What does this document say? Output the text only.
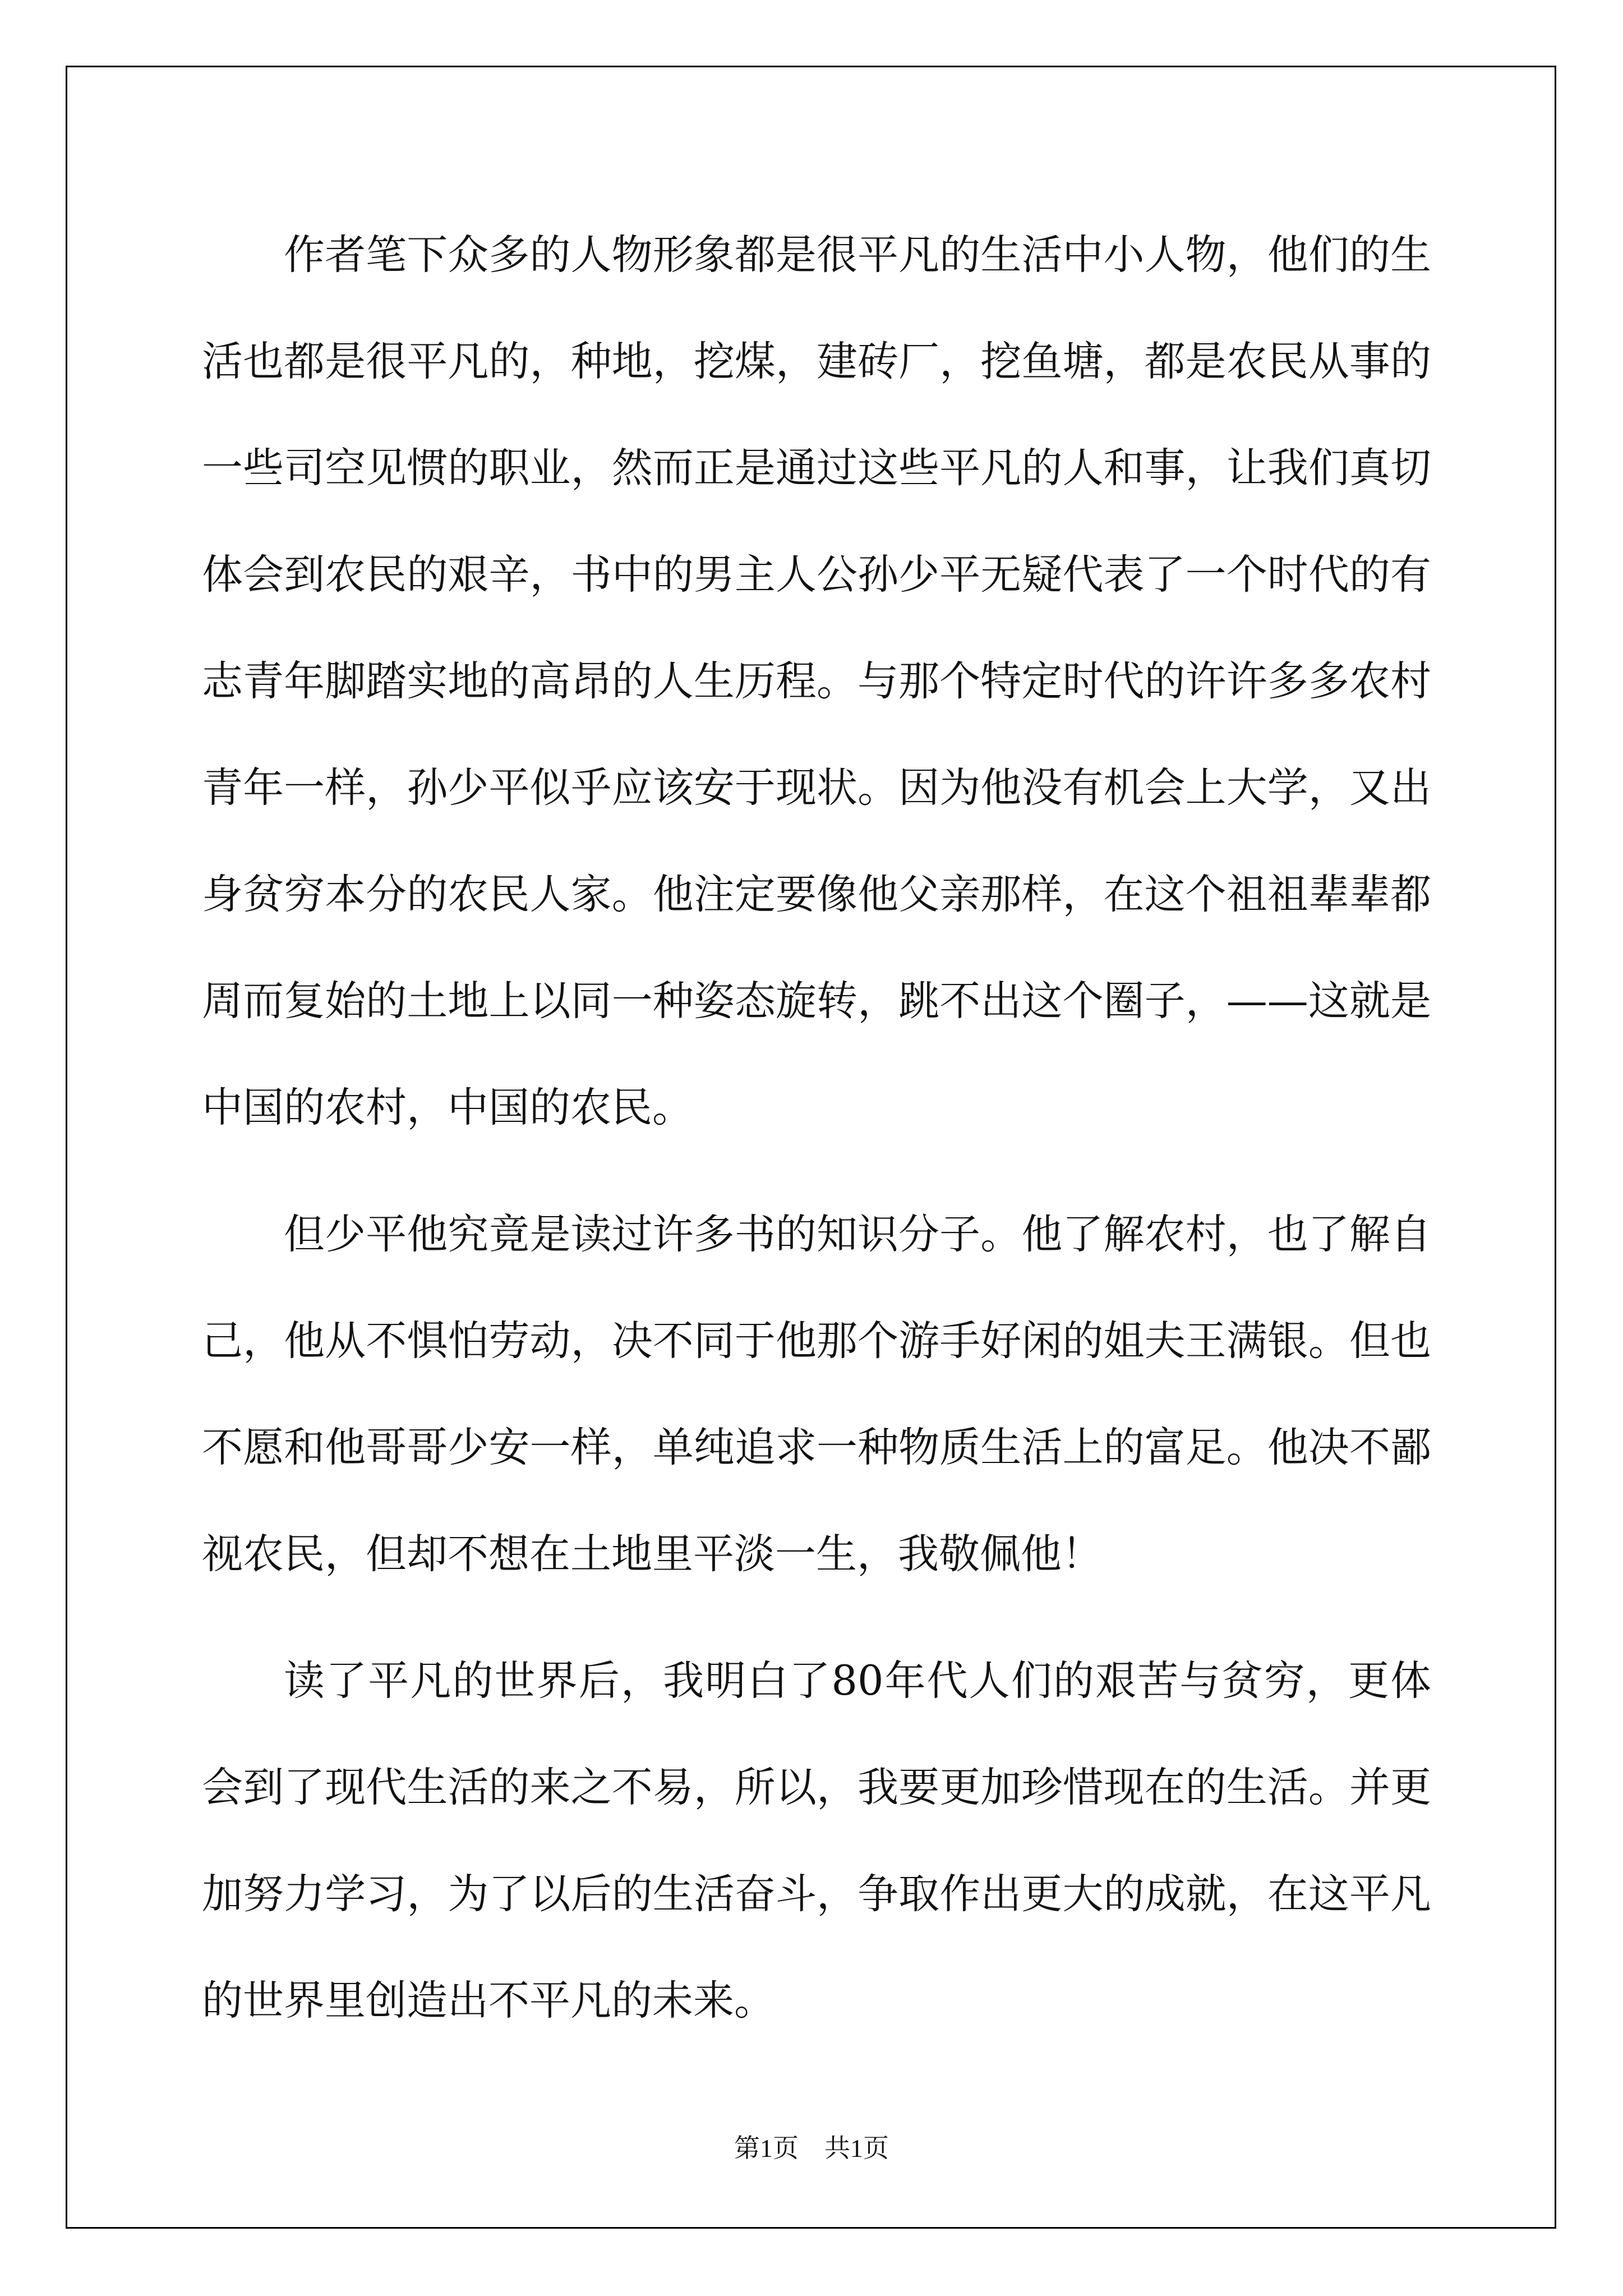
作者笔下众多的人物形象都是很平凡的生活中小人物，他们的生活也都是很平凡的，种地，挖煤，建砖厂，挖鱼塘，都是农民从事的一些司空见惯的职业，然而正是通过这些平凡的人和事，让我们真切体会到农民的艰辛，书中的男主人公孙少平无疑代表了一个时代的有志青年脚踏实地的高昂的人生历程。与那个特定时代的许许多多农村青年一样，孙少平似乎应该安于现状。因为他没有机会上大学，又出身贫穷本分的农民人家。他注定要像他父亲那样，在这个祖祖辈辈都周而复始的土地上以同一种姿态旋转，跳不出这个圈子，——这就是中国的农村，中国的农民。

但少平他究竟是读过许多书的知识分子。他了解农村，也了解自己，他从不惧怕劳动，决不同于他那个游手好闲的姐夫王满银。但也不愿和他哥哥少安一样，单纯追求一种物质生活上的富足。他决不鄙视农民，但却不想在土地里平淡一生，我敬佩他！

读了平凡的世界后，我明白了80年代人们的艰苦与贫穷，更体会到了现代生活的来之不易，所以，我要更加珍惜现在的生活。并更加努力学习，为了以后的生活奋斗，争取作出更大的成就，在这平凡的世界里创造出不平凡的未来。

第1页　共1页
